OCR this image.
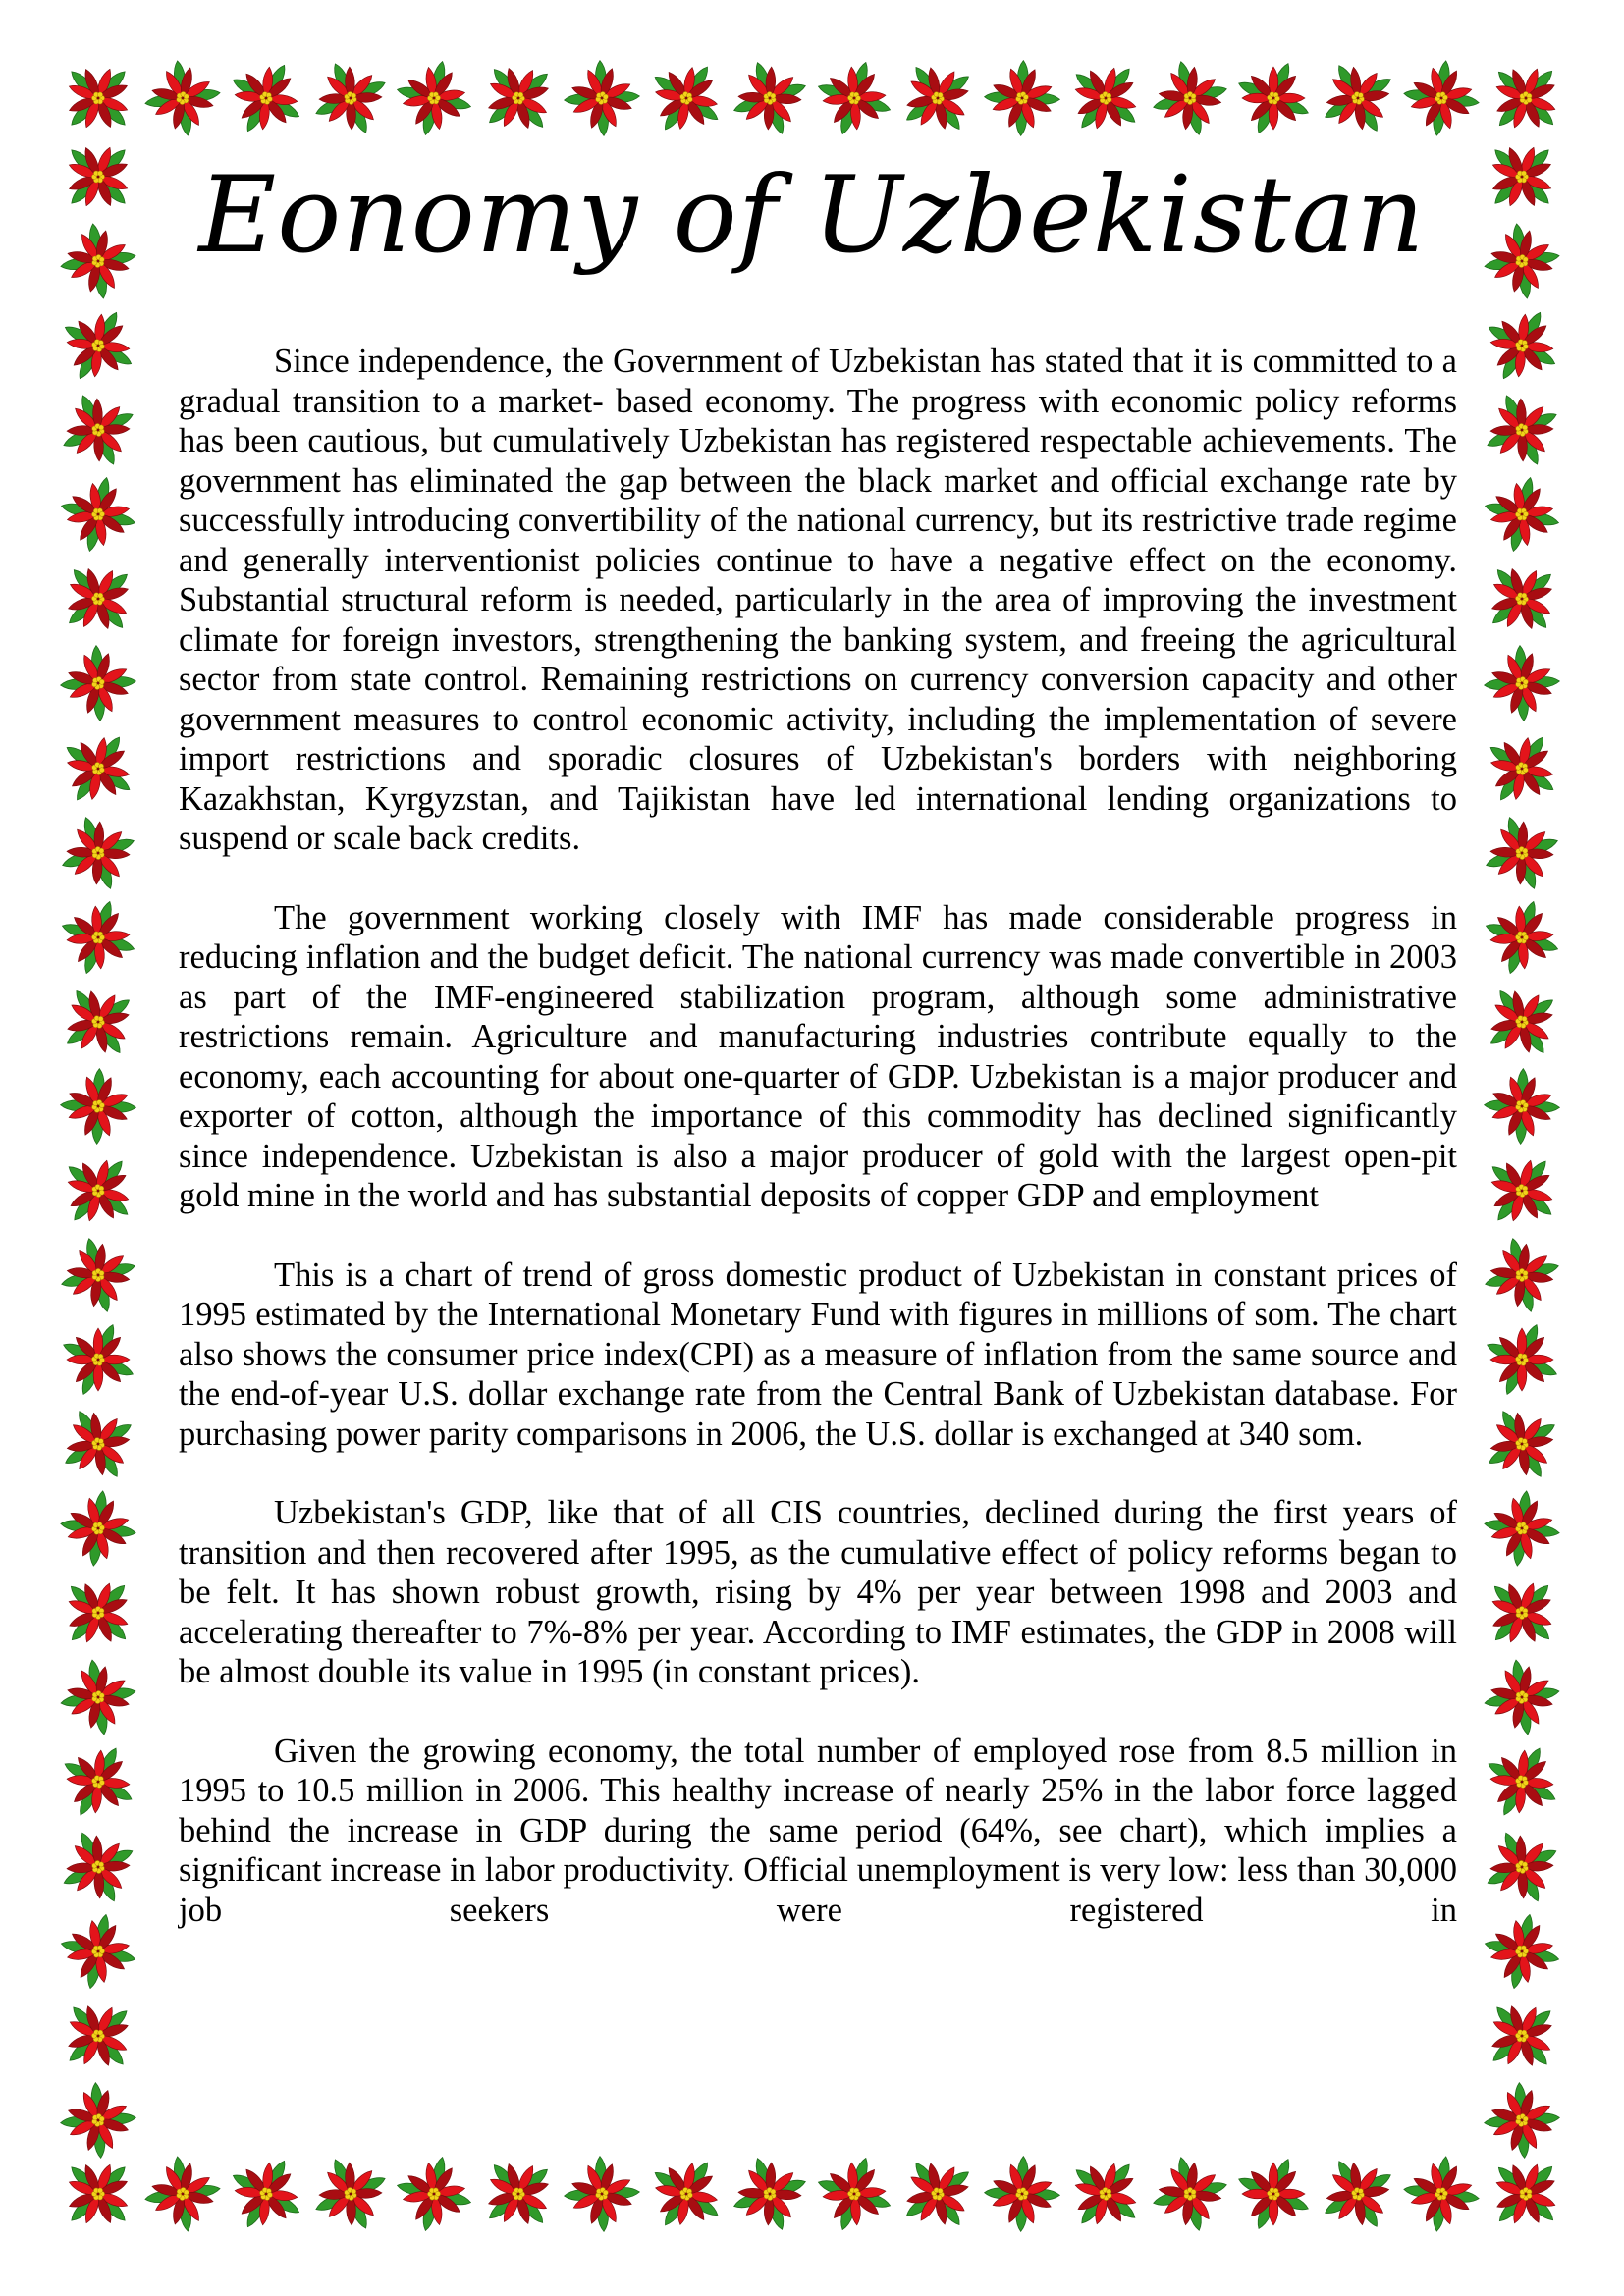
Eonomy of Uzbekistan

Since independence, the Government of Uzbekistan has stated that it is committed to a gradual transition to a market- based economy. The progress with economic policy reforms has been cautious, but cumulatively Uzbekistan has registered respectable achievements. The government has eliminated the gap between the black market and official exchange rate by successfully introducing convertibility of the national currency, but its restrictive trade regime and generally interventionist policies continue to have a negative effect on the economy. Substantial structural reform is needed, particularly in the area of improving the investment climate for foreign investors, strengthening the banking system, and freeing the agricultural sector from state control. Remaining restrictions on currency conversion capacity and other government measures to control economic activity, including the implementation of severe import restrictions and sporadic closures of Uzbekistan's borders with neighboring Kazakhstan, Kyrgyzstan, and Tajikistan have led international lending organizations to suspend or scale back credits.

The government working closely with IMF has made considerable progress in reducing inflation and the budget deficit. The national currency was made convertible in 2003 as part of the IMF-engineered stabilization program, although some administrative restrictions remain. Agriculture and manufacturing industries contribute equally to the economy, each accounting for about one-quarter of GDP. Uzbekistan is a major producer and exporter of cotton, although the importance of this commodity has declined significantly since independence. Uzbekistan is also a major producer of gold with the largest open-pit gold mine in the world and has substantial deposits of copper GDP and employment

This is a chart of trend of gross domestic product of Uzbekistan in constant prices of 1995 estimated by the International Monetary Fund with figures in millions of som. The chart also shows the consumer price index(CPI) as a measure of inflation from the same source and the end-of-year U.S. dollar exchange rate from the Central Bank of Uzbekistan database. For purchasing power parity comparisons in 2006, the U.S. dollar is exchanged at 340 som.

Uzbekistan's GDP, like that of all CIS countries, declined during the first years of transition and then recovered after 1995, as the cumulative effect of policy reforms began to be felt. It has shown robust growth, rising by 4% per year between 1998 and 2003 and accelerating thereafter to 7%-8% per year. According to IMF estimates, the GDP in 2008 will be almost double its value in 1995 (in constant prices).

Given the growing economy, the total number of employed rose from 8.5 million in 1995 to 10.5 million in 2006. This healthy increase of nearly 25% in the labor force lagged behind the increase in GDP during the same period (64%, see chart), which implies a significant increase in labor productivity. Official unemployment is very low: less than 30,000 job seekers were registered in
